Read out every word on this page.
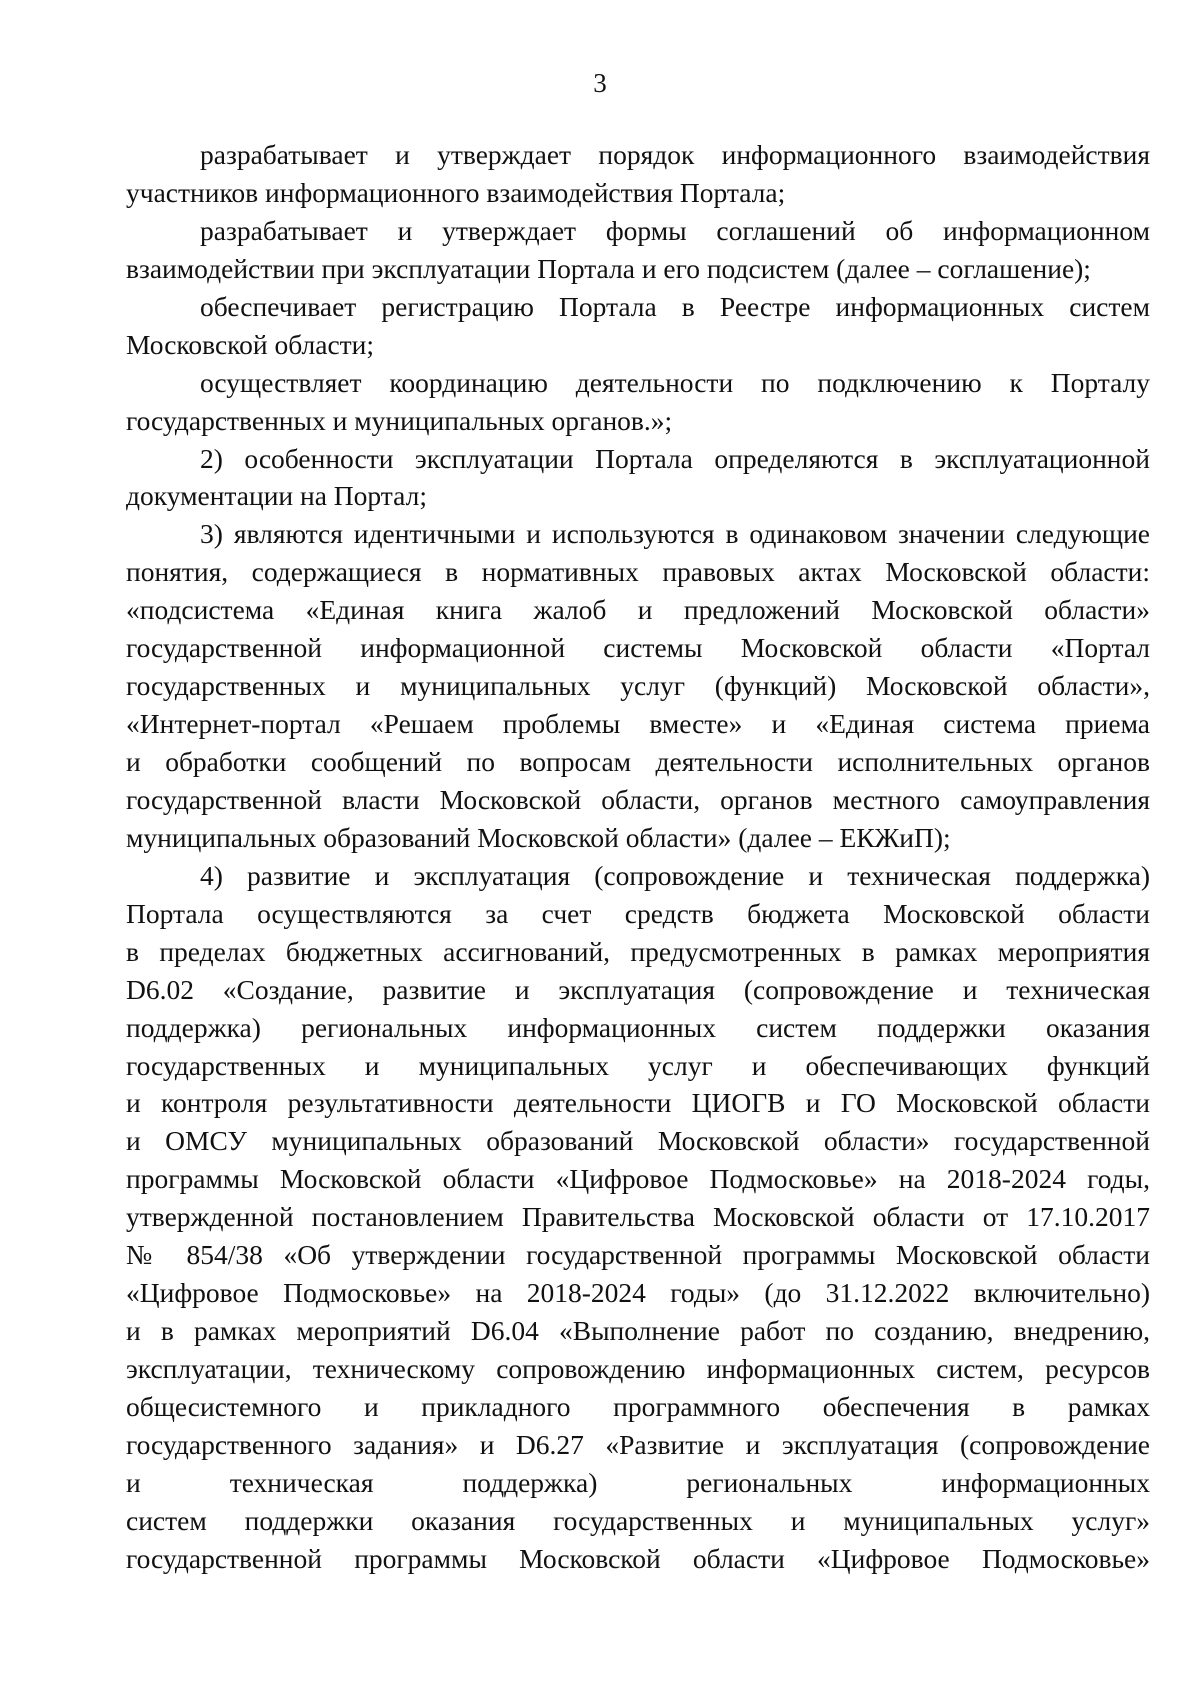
3
разрабатывает и утверждает порядок информационного взаимодействия
участников информационного взаимодействия Портала;
разрабатывает и утверждает формы соглашений об информационном
взаимодействии при эксплуатации Портала и его подсистем (далее – соглашение);
обеспечивает регистрацию Портала в Реестре информационных систем
Московской области;
осуществляет координацию деятельности по подключению к Порталу
государственных и муниципальных органов.»;
2) особенности эксплуатации Портала определяются в эксплуатационной
документации на Портал;
3) являются идентичными и используются в одинаковом значении следующие
понятия, содержащиеся в нормативных правовых актах Московской области:
«подсистема «Единая книга жалоб и предложений Московской области»
государственной информационной системы Московской области «Портал
государственных и муниципальных услуг (функций) Московской области»,
«Интернет-портал «Решаем проблемы вместе» и «Единая система приема
и обработки сообщений по вопросам деятельности исполнительных органов
государственной власти Московской области, органов местного самоуправления
муниципальных образований Московской области» (далее – ЕКЖиП);
4) развитие и эксплуатация (сопровождение и техническая поддержка)
Портала осуществляются за счет средств бюджета Московской области
в пределах бюджетных ассигнований, предусмотренных в рамках мероприятия
D6.02 «Создание, развитие и эксплуатация (сопровождение и техническая
поддержка) региональных информационных систем поддержки оказания
государственных и муниципальных услуг и обеспечивающих функций
и контроля результативности деятельности ЦИОГВ и ГО Московской области
и ОМСУ муниципальных образований Московской области» государственной
программы Московской области «Цифровое Подмосковье» на 2018-2024 годы,
утвержденной постановлением Правительства Московской области от 17.10.2017
№ 854/38 «Об утверждении государственной программы Московской области
«Цифровое Подмосковье» на 2018-2024 годы» (до 31.12.2022 включительно)
и в рамках мероприятий D6.04 «Выполнение работ по созданию, внедрению,
эксплуатации, техническому сопровождению информационных систем, ресурсов
общесистемного и прикладного программного обеспечения в рамках
государственного задания» и D6.27 «Развитие и эксплуатация (сопровождение
и техническая поддержка) региональных информационных
систем поддержки оказания государственных и муниципальных услуг»
государственной программы Московской области «Цифровое Подмосковье»
